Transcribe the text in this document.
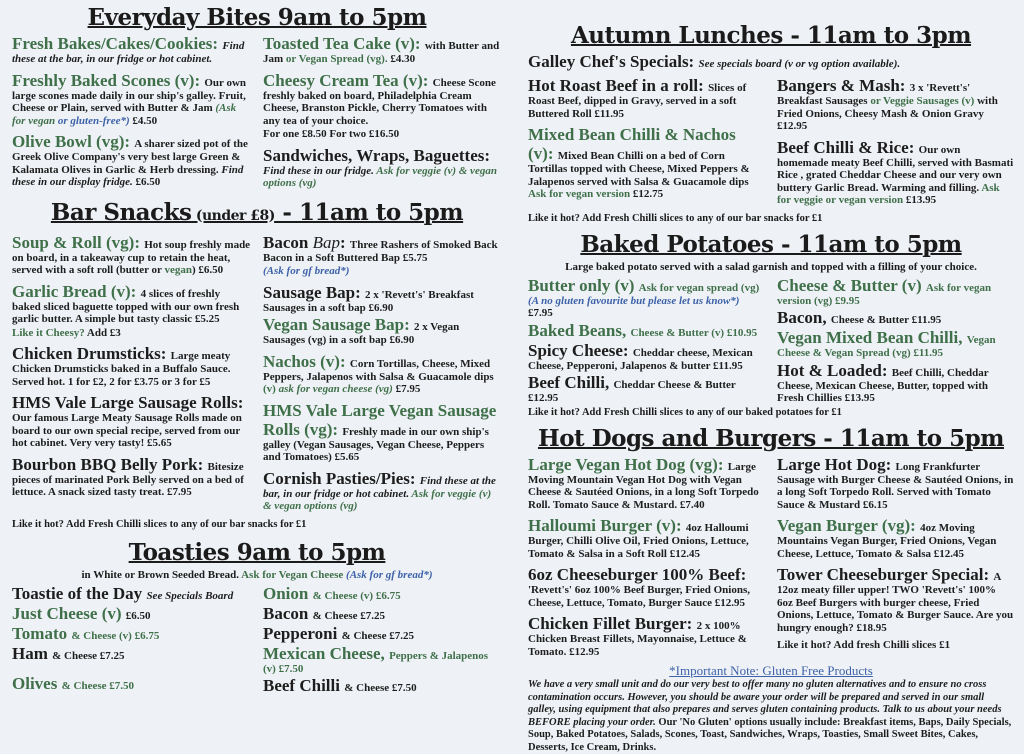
Everyday Bites 9am to 5pm
Fresh Bakes/Cakes/Cookies: Find these at the bar, in our fridge or hot cabinet.
Freshly Baked Scones (v): Our own large scones made daily in our ship's galley. Fruit, Cheese or Plain, served with Butter & Jam (Ask for vegan or gluten-free*) £4.50
Olive Bowl (vg): A sharer sized pot of the Greek Olive Company's very best large Green & Kalamata Olives in Garlic & Herb dressing. Find these in our display fridge. £6.50
Toasted Tea Cake (v): with Butter and Jam or Vegan Spread (vg). £4.30
Cheesy Cream Tea (v): Cheese Scone freshly baked on board, Philadelphia Cream Cheese, Branston Pickle, Cherry Tomatoes with any tea of your choice.
For one £8.50 For two £16.50
Sandwiches, Wraps, Baguettes: Find these in our fridge. Ask for veggie (v) & vegan options (vg)
Bar Snacks (under £8) - 11am to 5pm
Soup & Roll (vg): Hot soup freshly made on board, in a takeaway cup to retain the heat, served with a soft roll (butter or vegan) £6.50
Garlic Bread (v): 4 slices of freshly baked sliced baguette topped with our own fresh garlic butter. A simple but tasty classic £5.25
Like it Cheesy? Add £3
Chicken Drumsticks: Large meaty Chicken Drumsticks baked in a Buffalo Sauce. Served hot. 1 for £2, 2 for £3.75 or 3 for £5
HMS Vale Large Sausage Rolls: Our famous Large Meaty Sausage Rolls made on board to our own special recipe, served from our hot cabinet. Very very tasty! £5.65
Bourbon BBQ Belly Pork: Bitesize pieces of marinated Pork Belly served on a bed of lettuce. A snack sized tasty treat. £7.95
Bacon Bap: Three Rashers of Smoked Back Bacon in a Soft Buttered Bap £5.75
(Ask for gf bread*)
Sausage Bap: 2 x 'Revett's' Breakfast Sausages in a soft bap £6.90
Vegan Sausage Bap: 2 x Vegan Sausages (vg) in a soft bap £6.90
Nachos (v): Corn Tortillas, Cheese, Mixed Peppers, Jalapenos with Salsa & Guacamole dips (v) ask for vegan cheese (vg) £7.95
HMS Vale Large Vegan Sausage Rolls (vg): Freshly made in our own ship's galley (Vegan Sausages, Vegan Cheese, Peppers and Tomatoes) £5.65
Cornish Pasties/Pies: Find these at the bar, in our fridge or hot cabinet. Ask for veggie (v) & vegan options (vg)
Like it hot? Add Fresh Chilli slices to any of our bar snacks for £1
Toasties 9am to 5pm
in White or Brown Seeded Bread. Ask for Vegan Cheese (Ask for gf bread*)
Toastie of the Day See Specials Board
Just Cheese (v) £6.50
Tomato & Cheese (v) £6.75
Ham & Cheese £7.25
Olives & Cheese £7.50
Onion & Cheese (v) £6.75
Bacon & Cheese £7.25
Pepperoni & Cheese £7.25
Mexican Cheese, Peppers & Jalapenos (v) £7.50
Beef Chilli & Cheese £7.50
Autumn Lunches - 11am to 3pm
Galley Chef's Specials: See specials board (v or vg option available).
Hot Roast Beef in a roll: Slices of Roast Beef, dipped in Gravy, served in a soft Buttered Roll £11.95
Mixed Bean Chilli & Nachos (v): Mixed Bean Chilli on a bed of Corn Tortillas topped with Cheese, Mixed Peppers & Jalapenos served with Salsa & Guacamole dips Ask for vegan version £12.75
Bangers & Mash: 3 x 'Revett's' Breakfast Sausages or Veggie Sausages (v) with Fried Onions, Cheesy Mash & Onion Gravy £12.95
Beef Chilli & Rice: Our own homemade meaty Beef Chilli, served with Basmati Rice , grated Cheddar Cheese and our very own buttery Garlic Bread. Warming and filling. Ask for veggie or vegan version £13.95
Like it hot? Add Fresh Chilli slices to any of our bar snacks for £1
Baked Potatoes - 11am to 5pm
Large baked potato served with a salad garnish and topped with a filling of your choice.
Butter only (v) Ask for vegan spread (vg) (A no gluten favourite but please let us know*) £7.95
Baked Beans, Cheese & Butter (v) £10.95
Spicy Cheese: Cheddar cheese, Mexican Cheese, Pepperoni, Jalapenos & butter £11.95
Beef Chilli, Cheddar Cheese & Butter £12.95
Cheese & Butter (v) Ask for vegan version (vg) £9.95
Bacon, Cheese & Butter £11.95
Vegan Mixed Bean Chilli, Vegan Cheese & Vegan Spread (vg) £11.95
Hot & Loaded: Beef Chilli, Cheddar Cheese, Mexican Cheese, Butter, topped with Fresh Chillies £13.95
Like it hot? Add Fresh Chilli slices to any of our baked potatoes for £1
Hot Dogs and Burgers - 11am to 5pm
Large Vegan Hot Dog (vg): Large Moving Mountain Vegan Hot Dog with Vegan Cheese & Sautéed Onions, in a long Soft Torpedo Roll. Tomato Sauce & Mustard. £7.40
Halloumi Burger (v): 4oz Halloumi Burger, Chilli Olive Oil, Fried Onions, Lettuce, Tomato & Salsa in a Soft Roll £12.45
6oz Cheeseburger 100% Beef: 'Revett's' 6oz 100% Beef Burger, Fried Onions, Cheese, Lettuce, Tomato, Burger Sauce £12.95
Chicken Fillet Burger: 2 x 100% Chicken Breast Fillets, Mayonnaise, Lettuce & Tomato. £12.95
Large Hot Dog: Long Frankfurter Sausage with Burger Cheese & Sautéed Onions, in a long Soft Torpedo Roll. Served with Tomato Sauce & Mustard £6.15
Vegan Burger (vg): 4oz Moving Mountains Vegan Burger, Fried Onions, Vegan Cheese, Lettuce, Tomato & Salsa £12.45
Tower Cheeseburger Special: A 12oz meaty filler upper! TWO 'Revett's' 100% 6oz Beef Burgers with burger cheese, Fried Onions, Lettuce, Tomato & Burger Sauce. Are you hungry enough? £18.95
Like it hot? Add fresh Chilli slices £1
*Important Note: Gluten Free Products
We have a very small unit and do our very best to offer many no gluten alternatives and to ensure no cross contamination occurs. However, you should be aware your order will be prepared and served in our small galley, using equipment that also prepares and serves gluten containing products. Talk to us about your needs BEFORE placing your order. Our 'No Gluten' options usually include: Breakfast items, Baps, Daily Specials, Soup, Baked Potatoes, Salads, Scones, Toast, Sandwiches, Wraps, Toasties, Small Sweet Bites, Cakes, Desserts, Ice Cream, Drinks.
